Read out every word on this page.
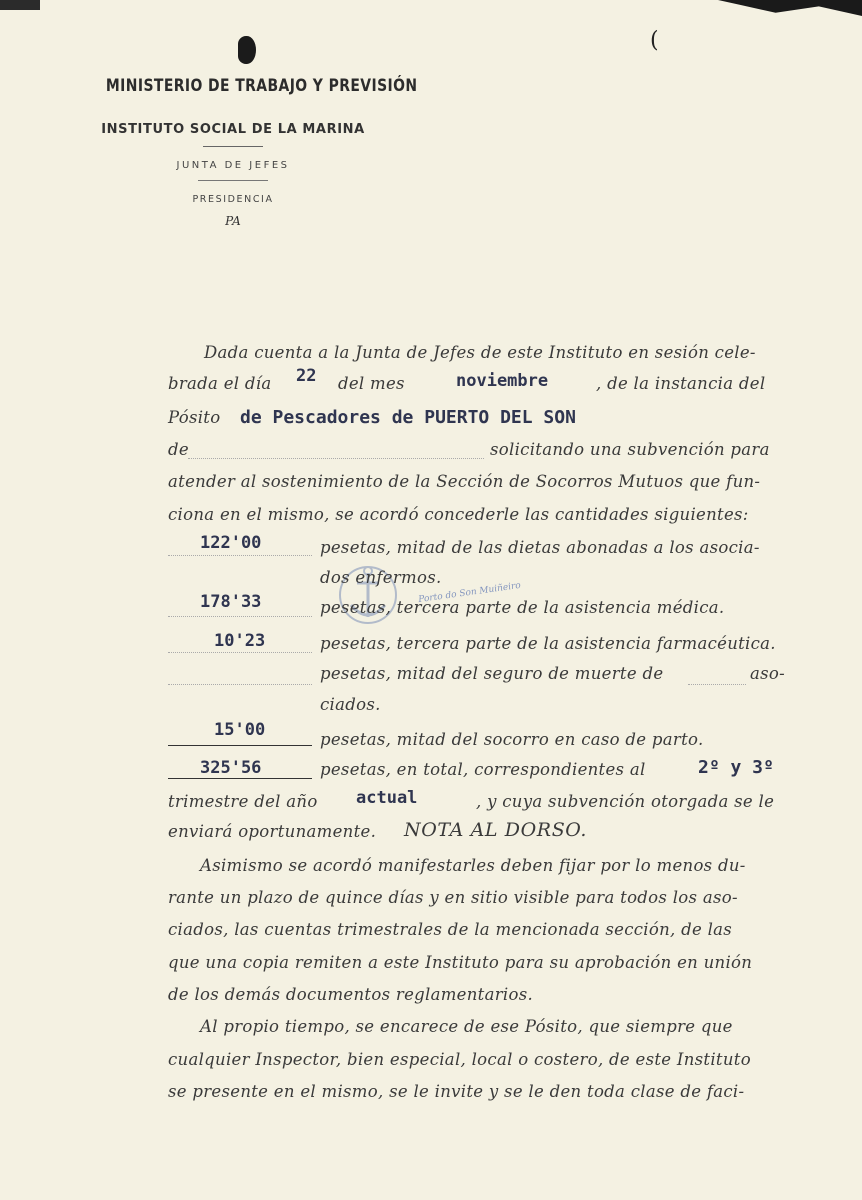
(
MINISTERIO DE TRABAJO Y PREVISIÓN
INSTITUTO SOCIAL DE LA MARINA
JUNTA DE JEFES
PRESIDENCIA
PA
Porto do Son Muiñeiro
Dada cuenta a la Junta de Jefes de este Instituto en sesión cele-
brada el día 22 del mes	noviembre	, de la instancia del
Pósito de Pescadores de PUERTO DEL SON
de	solicitando una subvención para
atender al sostenimiento de la Sección de Socorros Mutuos que fun-
ciona en el mismo, se acordó concederle las cantidades siguientes:
122'00	pesetas, mitad de las dietas abonadas a los asocia-
dos enfermos.
178'33	pesetas, tercera parte de la asistencia médica.
10'23	pesetas, tercera parte de la asistencia farmacéutica.
pesetas, mitad del seguro de muerte de	aso-
ciados.
15'00	pesetas, mitad del socorro en caso de parto.
325'56	pesetas, en total, correspondientes al	2º y 3º
trimestre del año actual	, y cuya subvención otorgada se le
enviará oportunamente. NOTA AL DORSO.
Asimismo se acordó manifestarles deben fijar por lo menos du-
rante un plazo de quince días y en sitio visible para todos los aso-
ciados, las cuentas trimestrales de la mencionada sección, de las
que una copia remiten a este Instituto para su aprobación en unión
de los demás documentos reglamentarios.
Al propio tiempo, se encarece de ese Pósito, que siempre que
cualquier Inspector, bien especial, local o costero, de este Instituto
se presente en el mismo, se le invite y se le den toda clase de faci-
